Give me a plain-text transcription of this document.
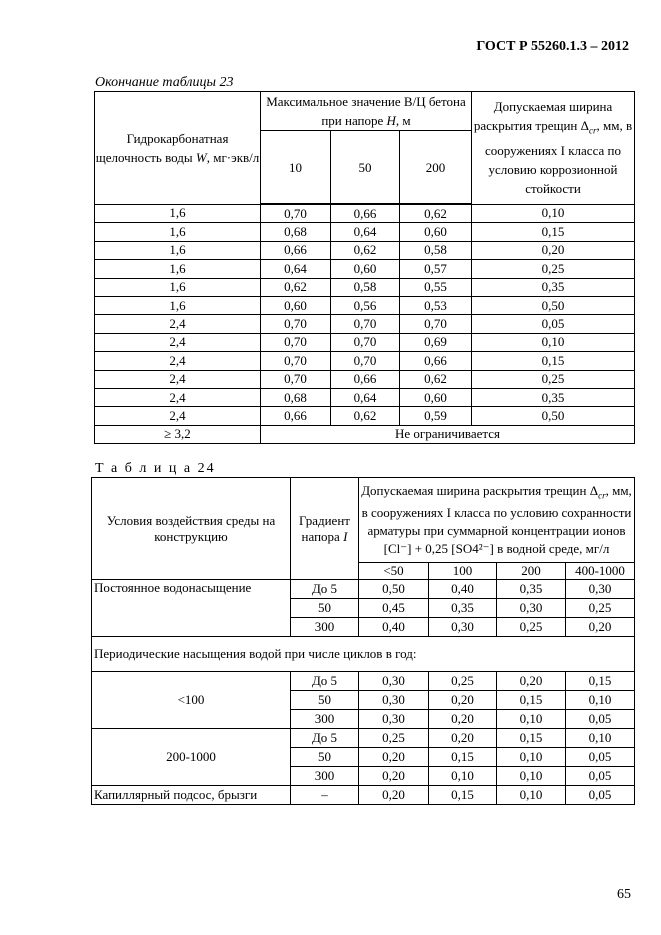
ГОСТ Р 55260.1.3 – 2012
Окончание таблицы 23
Гидрокарбонатная щелочность воды W, мг·экв/л	Максимальное значение В/Ц бетона при напоре H, м			Допускаемая ширина раскрытия трещин $\Delta_{cr}$, мм, в сооружениях I класса по условию коррозионной стойкости
	10	50	200	
1,6	0,70	0,66	0,62	0,10
1,6	0,68	0,64	0,60	0,15
1,6	0,66	0,62	0,58	0,20
1,6	0,64	0,60	0,57	0,25
1,6	0,62	0,58	0,55	0,35
1,6	0,60	0,56	0,53	0,50
2,4	0,70	0,70	0,70	0,05
2,4	0,70	0,70	0,69	0,10
2,4	0,70	0,70	0,66	0,15
2,4	0,70	0,66	0,62	0,25
2,4	0,68	0,64	0,60	0,35
2,4	0,66	0,62	0,59	0,50
≥ 3,2	Не ограничивается			
Т а б л и ц а 24
Условия воздействия среды на конструкцию	Градиент напора I	Допускаемая ширина раскрытия трещин $\Delta_{cr}$, мм, в сооружениях I класса по условию сохранности арматуры при суммарной концентрации ионов [Cl⁻] + 0,25 [SO4²⁻] в водной среде, мг/л			
		<50	100	200	400-1000
Постоянное водонасыщение	До 5	0,50	0,40	0,35	0,30
	50	0,45	0,35	0,30	0,25
	300	0,40	0,30	0,25	0,20
Периодические насыщения водой при числе циклов в год:					
<100	До 5	0,30	0,25	0,20	0,15
	50	0,30	0,20	0,15	0,10
	300	0,30	0,20	0,10	0,05
200-1000	До 5	0,25	0,20	0,15	0,10
	50	0,20	0,15	0,10	0,05
	300	0,20	0,10	0,10	0,05
Капиллярный подсос, брызги	–	0,20	0,15	0,10	0,05
65
